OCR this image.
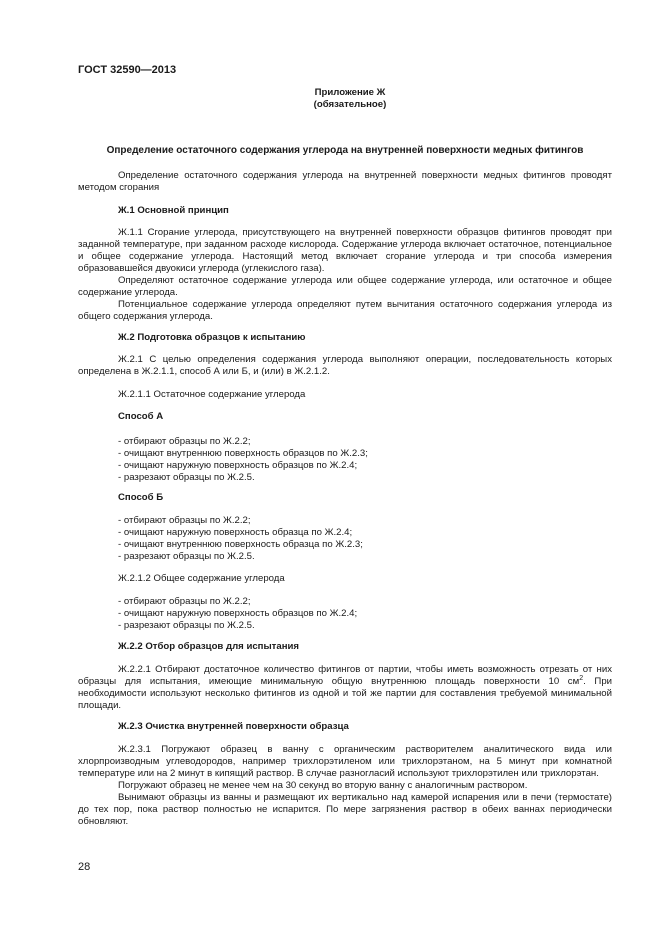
ГОСТ 32590—2013
Приложение Ж
(обязательное)
Определение остаточного содержания углерода на внутренней поверхности медных фитингов

Определение остаточного содержания углерода на внутренней поверхности медных фитингов проводят методом сгорания

Ж.1 Основной принцип

Ж.1.1 Сгорание углерода, присутствующего на внутренней поверхности образцов фитингов проводят при заданной температуре, при заданном расходе кислорода. Содержание углерода включает остаточное, потенциальное и общее содержание углерода. Настоящий метод включает сгорание углерода и три способа измерения образовавшейся двуокиси углерода (углекислого газа).

Определяют остаточное содержание углерода или общее содержание углерода, или остаточное и общее содержание углерода.

Потенциальное содержание углерода определяют путем вычитания остаточного содержания углерода из общего содержания углерода.

Ж.2 Подготовка образцов к испытанию

Ж.2.1 С целью определения содержания углерода выполняют операции, последовательность которых определена в Ж.2.1.1, способ А или Б, и (или) в Ж.2.1.2.

Ж.2.1.1 Остаточное содержание углерода
Способ А
- отбирают образцы по Ж.2.2;
- очищают внутреннюю поверхность образцов по Ж.2.3;
- очищают наружную поверхность образцов по Ж.2.4;
- разрезают образцы по Ж.2.5.
Способ Б
- отбирают образцы по Ж.2.2;
- очищают наружную поверхность образца по Ж.2.4;
- очищают внутреннюю поверхность образца по Ж.2.3;
- разрезают образцы по Ж.2.5.
Ж.2.1.2 Общее содержание углерода
- отбирают образцы по Ж.2.2;
- очищают наружную поверхность образцов по Ж.2.4;
- разрезают образцы по Ж.2.5.
Ж.2.2 Отбор образцов для испытания

Ж.2.2.1 Отбирают достаточное количество фитингов от партии, чтобы иметь возможность отрезать от них образцы для испытания, имеющие минимальную общую внутреннюю площадь поверхности 10 $см^2$. При необходимости используют несколько фитингов из одной и той же партии для составления требуемой минимальной площади.

Ж.2.3 Очистка внутренней поверхности образца

Ж.2.3.1 Погружают образец в ванну с органическим растворителем аналитического вида или хлорпроизводным углеводородов, например трихлорэтиленом или трихлорэтаном, на 5 минут при комнатной температуре или на 2 минут в кипящий раствор. В случае разногласий используют трихлорэтилен или трихлорэтан.

Погружают образец не менее чем на 30 секунд во вторую ванну с аналогичным раствором.

Вынимают образцы из ванны и размещают их вертикально над камерой испарения или в печи (термостате) до тех пор, пока раствор полностью не испарится. По мере загрязнения раствор в обеих ваннах периодически обновляют.

28
